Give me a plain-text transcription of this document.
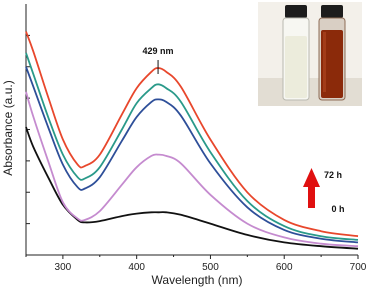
300	400	500	600	700
429 nm
72 h
0 h
Wavelength (nm)
Absorbance (a.u.)
